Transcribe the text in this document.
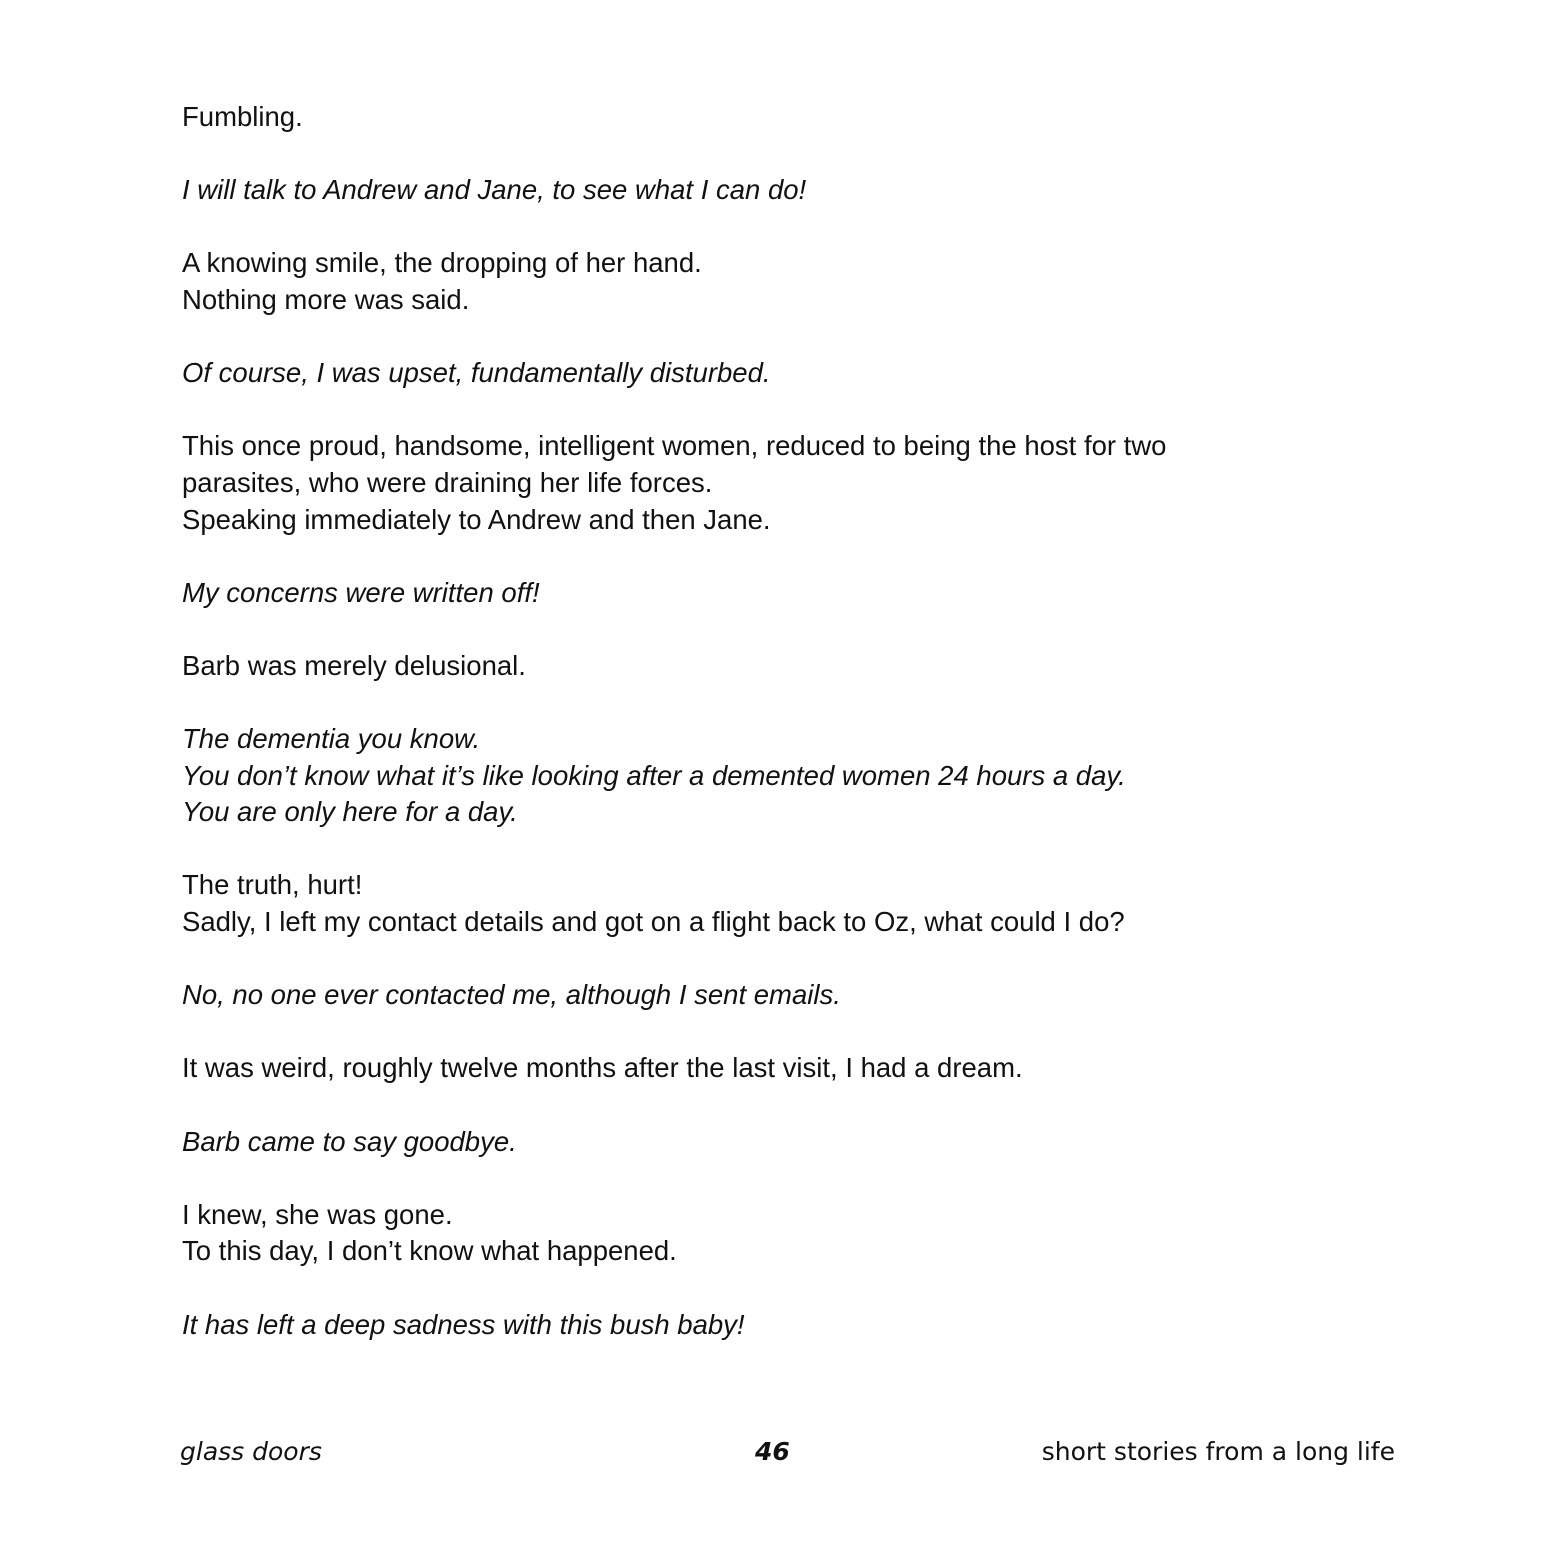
Fumbling.
I will talk to Andrew and Jane, to see what I can do!
A knowing smile, the dropping of her hand.
Nothing more was said.
Of course, I was upset, fundamentally disturbed.
This once proud, handsome, intelligent women, reduced to being the host for two
parasites, who were draining her life forces.
Speaking immediately to Andrew and then Jane.
My concerns were written off!
Barb was merely delusional.
The dementia you know.
You don’t know what it’s like looking after a demented women 24 hours a day.
You are only here for a day.
The truth, hurt!
Sadly, I left my contact details and got on a flight back to Oz, what could I do?
No, no one ever contacted me, although I sent emails.
It was weird, roughly twelve months after the last visit, I had a dream.
Barb came to say goodbye.
I knew, she was gone.
To this day, I don’t know what happened.
It has left a deep sadness with this bush baby!
glass doors	46	short stories from a long life
